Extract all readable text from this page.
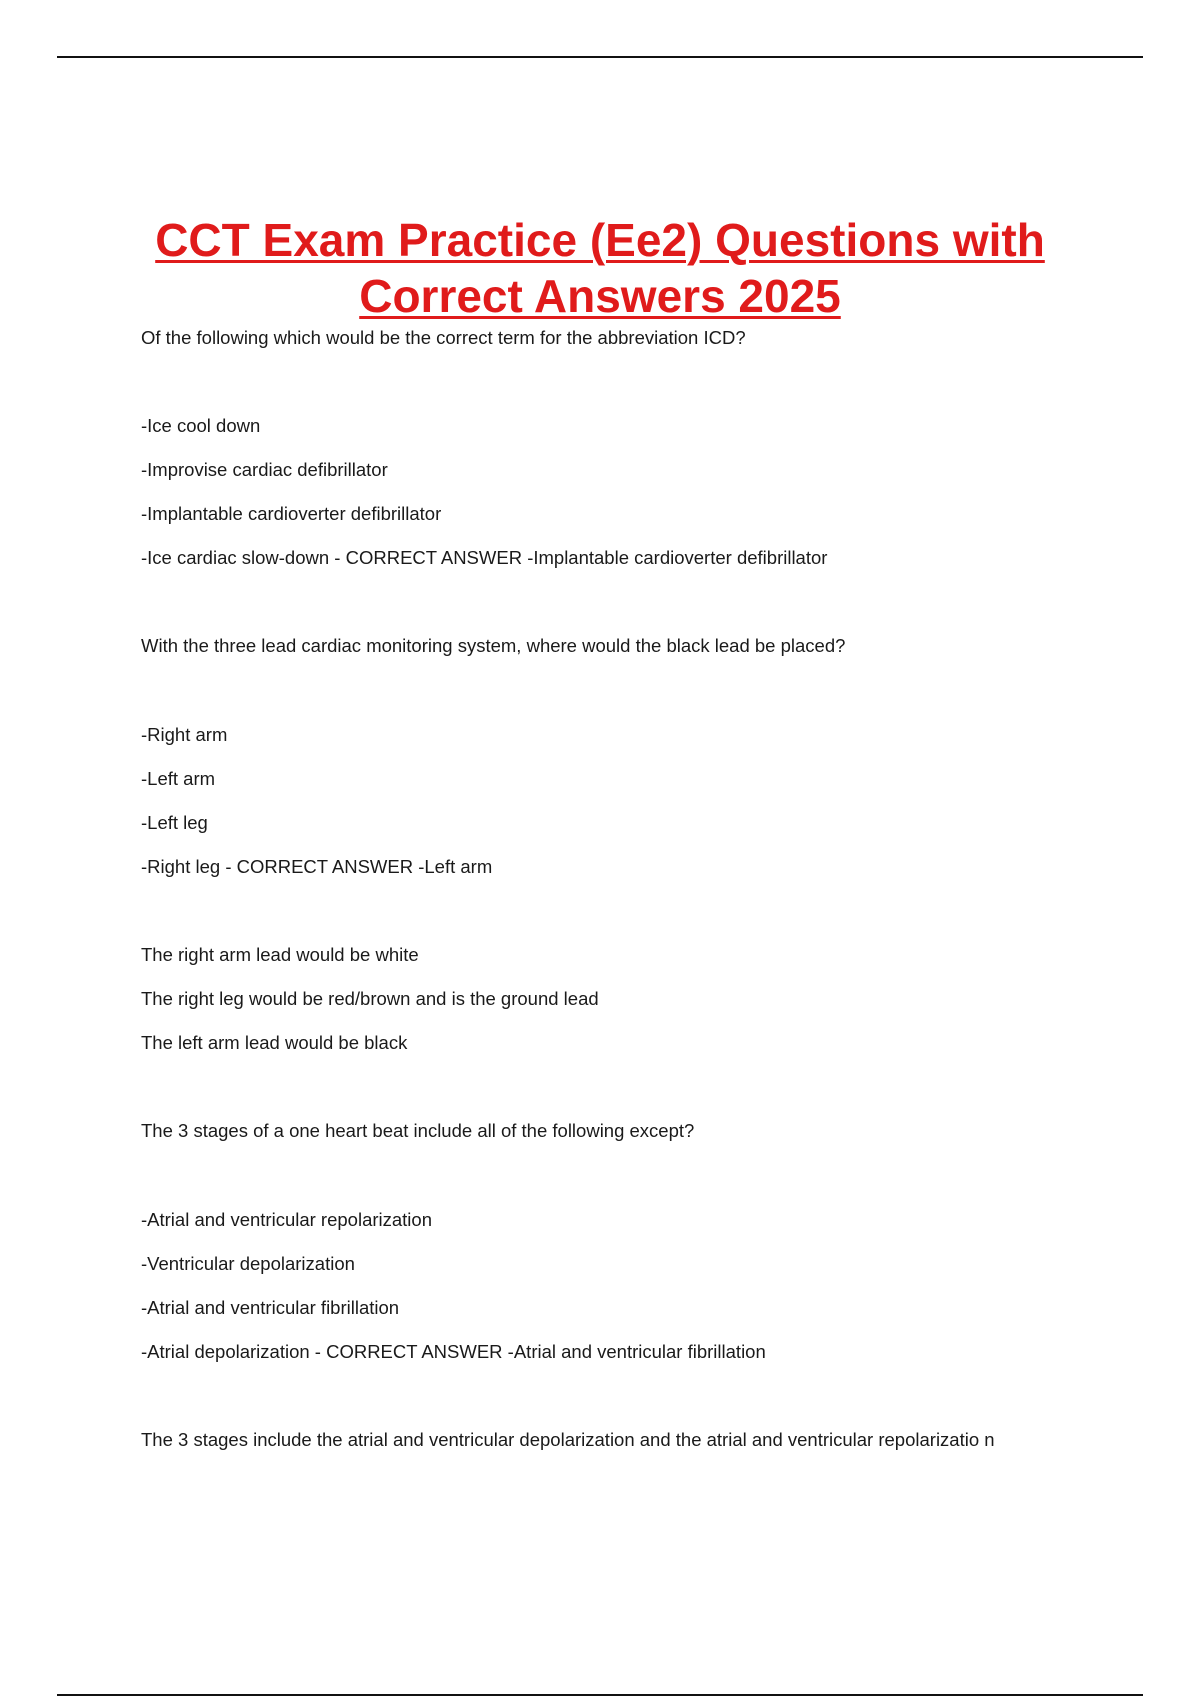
CCT Exam Practice (Ee2) Questions with
Correct Answers 2025

Of the following which would be the correct term for the abbreviation ICD?

-Ice cool down

-Improvise cardiac defibrillator

-Implantable cardioverter defibrillator

-Ice cardiac slow-down - CORRECT ANSWER -Implantable cardioverter defibrillator

With the three lead cardiac monitoring system, where would the black lead be placed?

-Right arm

-Left arm

-Left leg

-Right leg - CORRECT ANSWER -Left arm

The right arm lead would be white

The right leg would be red/brown and is the ground lead

The left arm lead would be black

The 3 stages of a one heart beat include all of the following except?

-Atrial and ventricular repolarization

-Ventricular depolarization

-Atrial and ventricular fibrillation

-Atrial depolarization - CORRECT ANSWER -Atrial and ventricular fibrillation

The 3 stages include the atrial and ventricular depolarization and the atrial and ventricular repolarizatio n
